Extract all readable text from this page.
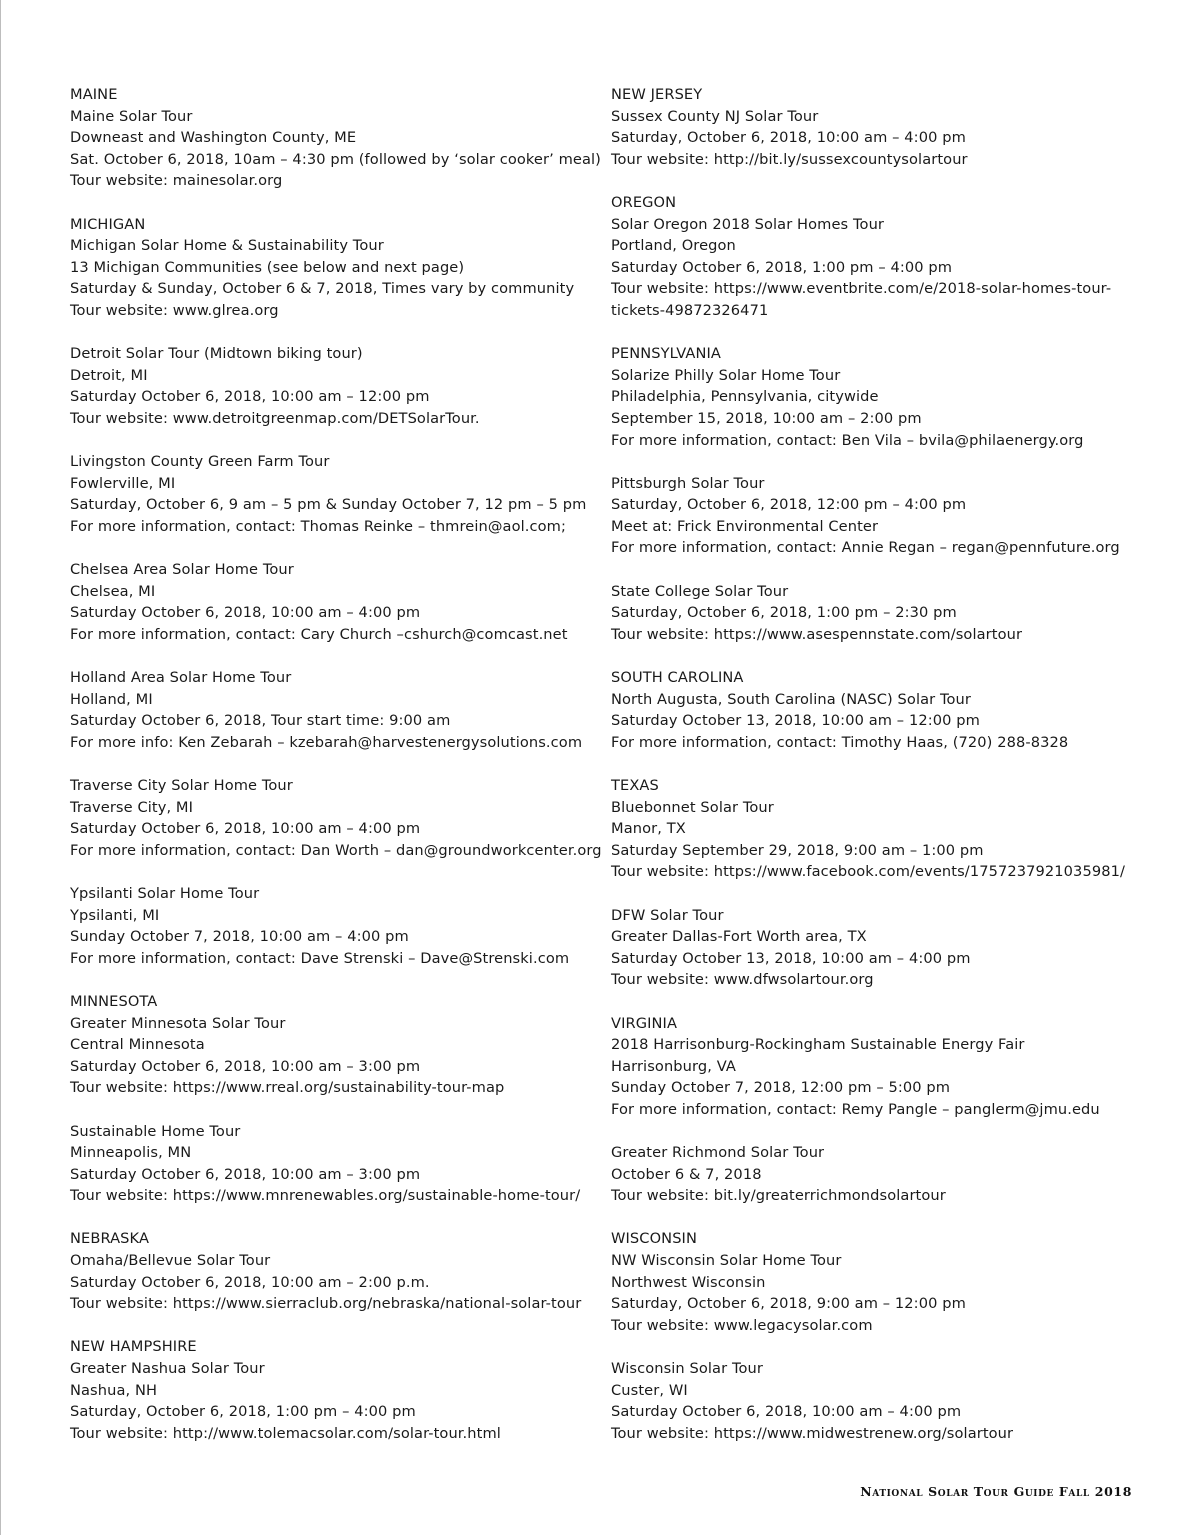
MAINE
Maine Solar Tour
Downeast and Washington County, ME
Sat. October 6, 2018, 10am – 4:30 pm (followed by ‘solar cooker’ meal)
Tour website: mainesolar.org
MICHIGAN
Michigan Solar Home & Sustainability Tour
13 Michigan Communities (see below and next page)
Saturday & Sunday, October 6 & 7, 2018, Times vary by community
Tour website: www.glrea.org
Detroit Solar Tour (Midtown biking tour)
Detroit, MI
Saturday October 6, 2018, 10:00 am – 12:00 pm
Tour website: www.detroitgreenmap.com/DETSolarTour.
Livingston County Green Farm Tour
Fowlerville, MI
Saturday, October 6, 9 am – 5 pm & Sunday October 7, 12 pm – 5 pm
For more information, contact: Thomas Reinke – thmrein@aol.com;
Chelsea Area Solar Home Tour
Chelsea, MI
Saturday October 6, 2018, 10:00 am – 4:00 pm
For more information, contact: Cary Church –cshurch@comcast.net
Holland Area Solar Home Tour
Holland, MI
Saturday October 6, 2018, Tour start time: 9:00 am
For more info: Ken Zebarah – kzebarah@harvestenergysolutions.com
Traverse City Solar Home Tour
Traverse City, MI
Saturday October 6, 2018, 10:00 am – 4:00 pm
For more information, contact: Dan Worth – dan@groundworkcenter.org
Ypsilanti Solar Home Tour
Ypsilanti, MI
Sunday October 7, 2018, 10:00 am – 4:00 pm
For more information, contact: Dave Strenski – Dave@Strenski.com
MINNESOTA
Greater Minnesota Solar Tour
Central Minnesota
Saturday October 6, 2018, 10:00 am – 3:00 pm
Tour website: https://www.rreal.org/sustainability-tour-map
Sustainable Home Tour
Minneapolis, MN
Saturday October 6, 2018, 10:00 am – 3:00 pm
Tour website: https://www.mnrenewables.org/sustainable-home-tour/
NEBRASKA
Omaha/Bellevue Solar Tour
Saturday October 6, 2018, 10:00 am – 2:00 p.m.
Tour website: https://www.sierraclub.org/nebraska/national-solar-tour
NEW HAMPSHIRE
Greater Nashua Solar Tour
Nashua, NH
Saturday, October 6, 2018, 1:00 pm – 4:00 pm
Tour website: http://www.tolemacsolar.com/solar-tour.html
NEW JERSEY
Sussex County NJ Solar Tour
Saturday, October 6, 2018, 10:00 am – 4:00 pm
Tour website: http://bit.ly/sussexcountysolartour
OREGON
Solar Oregon 2018 Solar Homes Tour
Portland, Oregon
Saturday October 6, 2018, 1:00 pm – 4:00 pm
Tour website: https://www.eventbrite.com/e/2018-solar-homes-tour-
tickets-49872326471
PENNSYLVANIA
Solarize Philly Solar Home Tour
Philadelphia, Pennsylvania, citywide
September 15, 2018, 10:00 am – 2:00 pm
For more information, contact: Ben Vila – bvila@philaenergy.org
Pittsburgh Solar Tour
Saturday, October 6, 2018, 12:00 pm – 4:00 pm
Meet at: Frick Environmental Center
For more information, contact: Annie Regan – regan@pennfuture.org
State College Solar Tour
Saturday, October 6, 2018, 1:00 pm – 2:30 pm
Tour website: https://www.asespennstate.com/solartour
SOUTH CAROLINA
North Augusta, South Carolina (NASC) Solar Tour
Saturday October 13, 2018, 10:00 am – 12:00 pm
For more information, contact: Timothy Haas, (720) 288-8328
TEXAS
Bluebonnet Solar Tour
Manor, TX
Saturday September 29, 2018, 9:00 am – 1:00 pm
Tour website: https://www.facebook.com/events/1757237921035981/
DFW Solar Tour
Greater Dallas-Fort Worth area, TX
Saturday October 13, 2018, 10:00 am – 4:00 pm
Tour website: www.dfwsolartour.org
VIRGINIA
2018 Harrisonburg-Rockingham Sustainable Energy Fair
Harrisonburg, VA
Sunday October 7, 2018, 12:00 pm – 5:00 pm
For more information, contact: Remy Pangle – panglerm@jmu.edu
Greater Richmond Solar Tour
October 6 & 7, 2018
Tour website: bit.ly/greaterrichmondsolartour
WISCONSIN
NW Wisconsin Solar Home Tour
Northwest Wisconsin
Saturday, October 6, 2018, 9:00 am – 12:00 pm
Tour website: www.legacysolar.com
Wisconsin Solar Tour
Custer, WI
Saturday October 6, 2018, 10:00 am – 4:00 pm
Tour website: https://www.midwestrenew.org/solartour
National Solar Tour Guide Fall 2018
